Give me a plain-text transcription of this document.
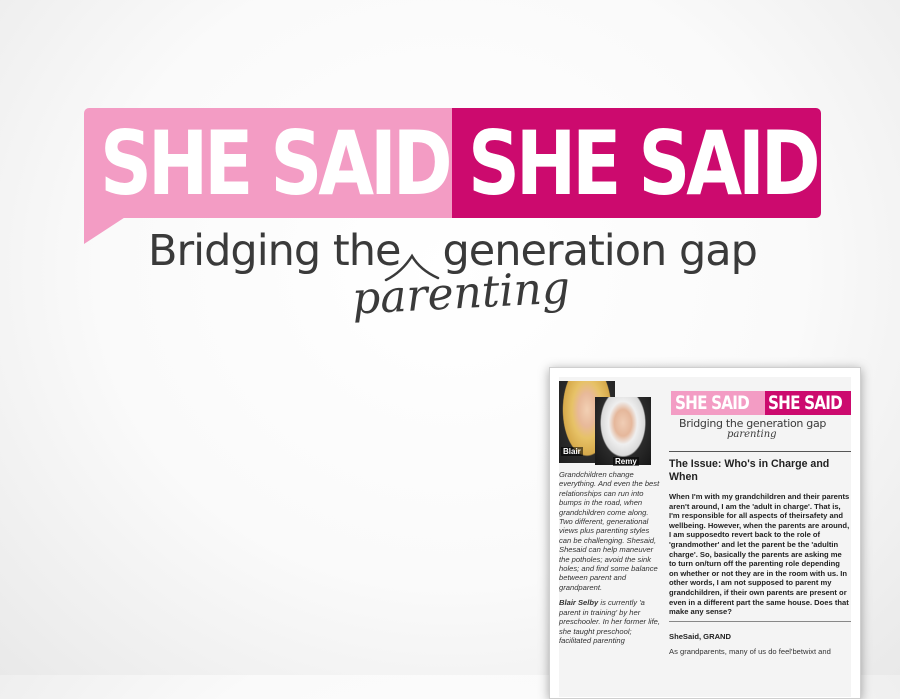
SHE SAID SHE SAID
Bridging the generation gap
parenting
Blair
Remy
SHE SAID SHE SAID
Bridging the generation gap
parenting

Grandchildren change everything. And even the best relationships can run into bumps in the road, when grandchildren come along. Two different, generational views plus parenting styles can be challenging. Shesaid, Shesaid can help maneuver the potholes; avoid the sink holes; and find some balance between parent and grandparent.

Blair Selby is currently 'a parent in training' by her preschooler. In her former life, she taught preschool; facilitated parenting

The Issue: Who's in Charge and When

When I'm with my grandchildren and their parents aren't around, I am the 'adult in charge'. That is, I'm responsible for all aspects of theirsafety and wellbeing. However, when the parents are around, I am supposedto revert back to the role of 'grandmother' and let the parent be the 'adultin charge'. So, basically the parents are asking me to turn on/turn off the parenting role depending on whether or not they are in the room with us. In other words, I am not supposed to parent my grandchildren, if their own parents are present or even in a different part the same house. Does that make any sense?

SheSaid, GRAND

As grandparents, many of us do feel'betwixt and
